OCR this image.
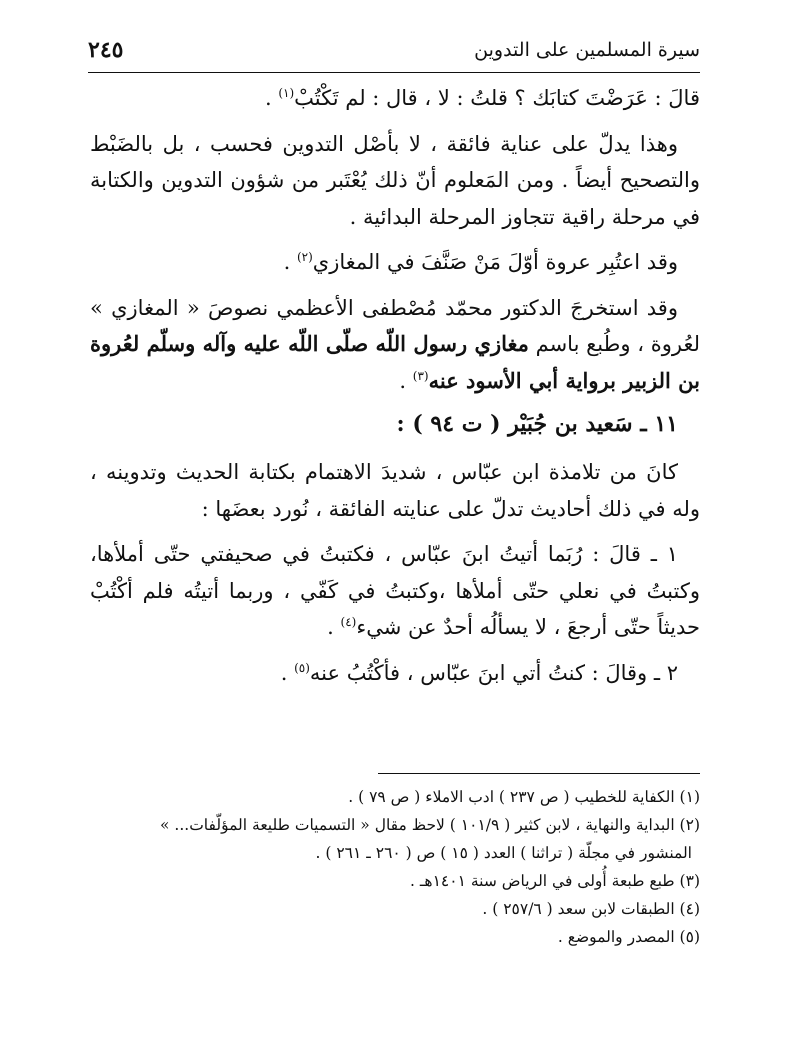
سيرة المسلمين على التدوين
٢٤٥

قالَ : عَرَضْتَ كتابَك ؟ قلتُ : لا ، قال : لم تَكْتُبْ$^{(١)}$ .

وهذا يدلّ على عناية فائقة ، لا بأصْل التدوين فحسب ، بل بالضَبْط والتصحيح أيضاً . ومن المَعلوم أنّ ذلك يُعْتَبر من شؤون التدوين والكتابة في مرحلة راقية تتجاوز المرحلة البدائية .

وقد اعتُبِر عروة أوّلَ مَنْ صَنَّفَ في المغازي$^{(٢)}$ .

وقد استخرجَ الدكتور محمّد مُصْطفى الأعظمي نصوصَ « المغازي » لعُروة ، وطُبع باسم مغازي رسول اللّه صلّى اللّه عليه وآله وسلّم لعُروة بن الزبير برواية أبي الأسود عنه$^{(٣)}$ .

١١ ـ سَعيد بن جُبَيْر ( ت ٩٤ ) :

كانَ من تلامذة ابن عبّاس ، شديدَ الاهتمام بكتابة الحديث وتدوينه ، وله في ذلك أحاديث تدلّ على عنايته الفائقة ، نُورد بعضَها :

١ ـ قالَ : رُبَما أتيتُ ابنَ عبّاس ، فكتبتُ في صحيفتي حتّى أملأها، وكتبتُ في نعلي حتّى أملأها ،وكتبتُ في كَفّي ، وربما أتيتُه فلم أكْتُبْ حديثاً حتّى أرجعَ ، لا يسألُه أحدٌ عن شيء$^{(٤)}$ .

٢ ـ وقالَ : كنتُ أتي ابنَ عبّاس ، فأكْتُبُ عنه$^{(٥)}$ .

(١) الكفاية للخطيب ( ص ٢٣٧ ) ادب الاملاء ( ص ٧٩ ) .

(٢) البداية والنهاية ، لابن كثير ( ١٠١/٩ ) لاحظ مقال « التسميات طليعة المؤلّفات... »

المنشور في مجلّة ( تراثنا ) العدد ( ١٥ ) ص ( ٢٦٠ ـ ٢٦١ ) .

(٣) طبع طبعة أُولى في الرياض سنة ١٤٠١هـ .

(٤) الطبقات لابن سعد ( ٢٥٧/٦ ) .

(٥) المصدر والموضع .
